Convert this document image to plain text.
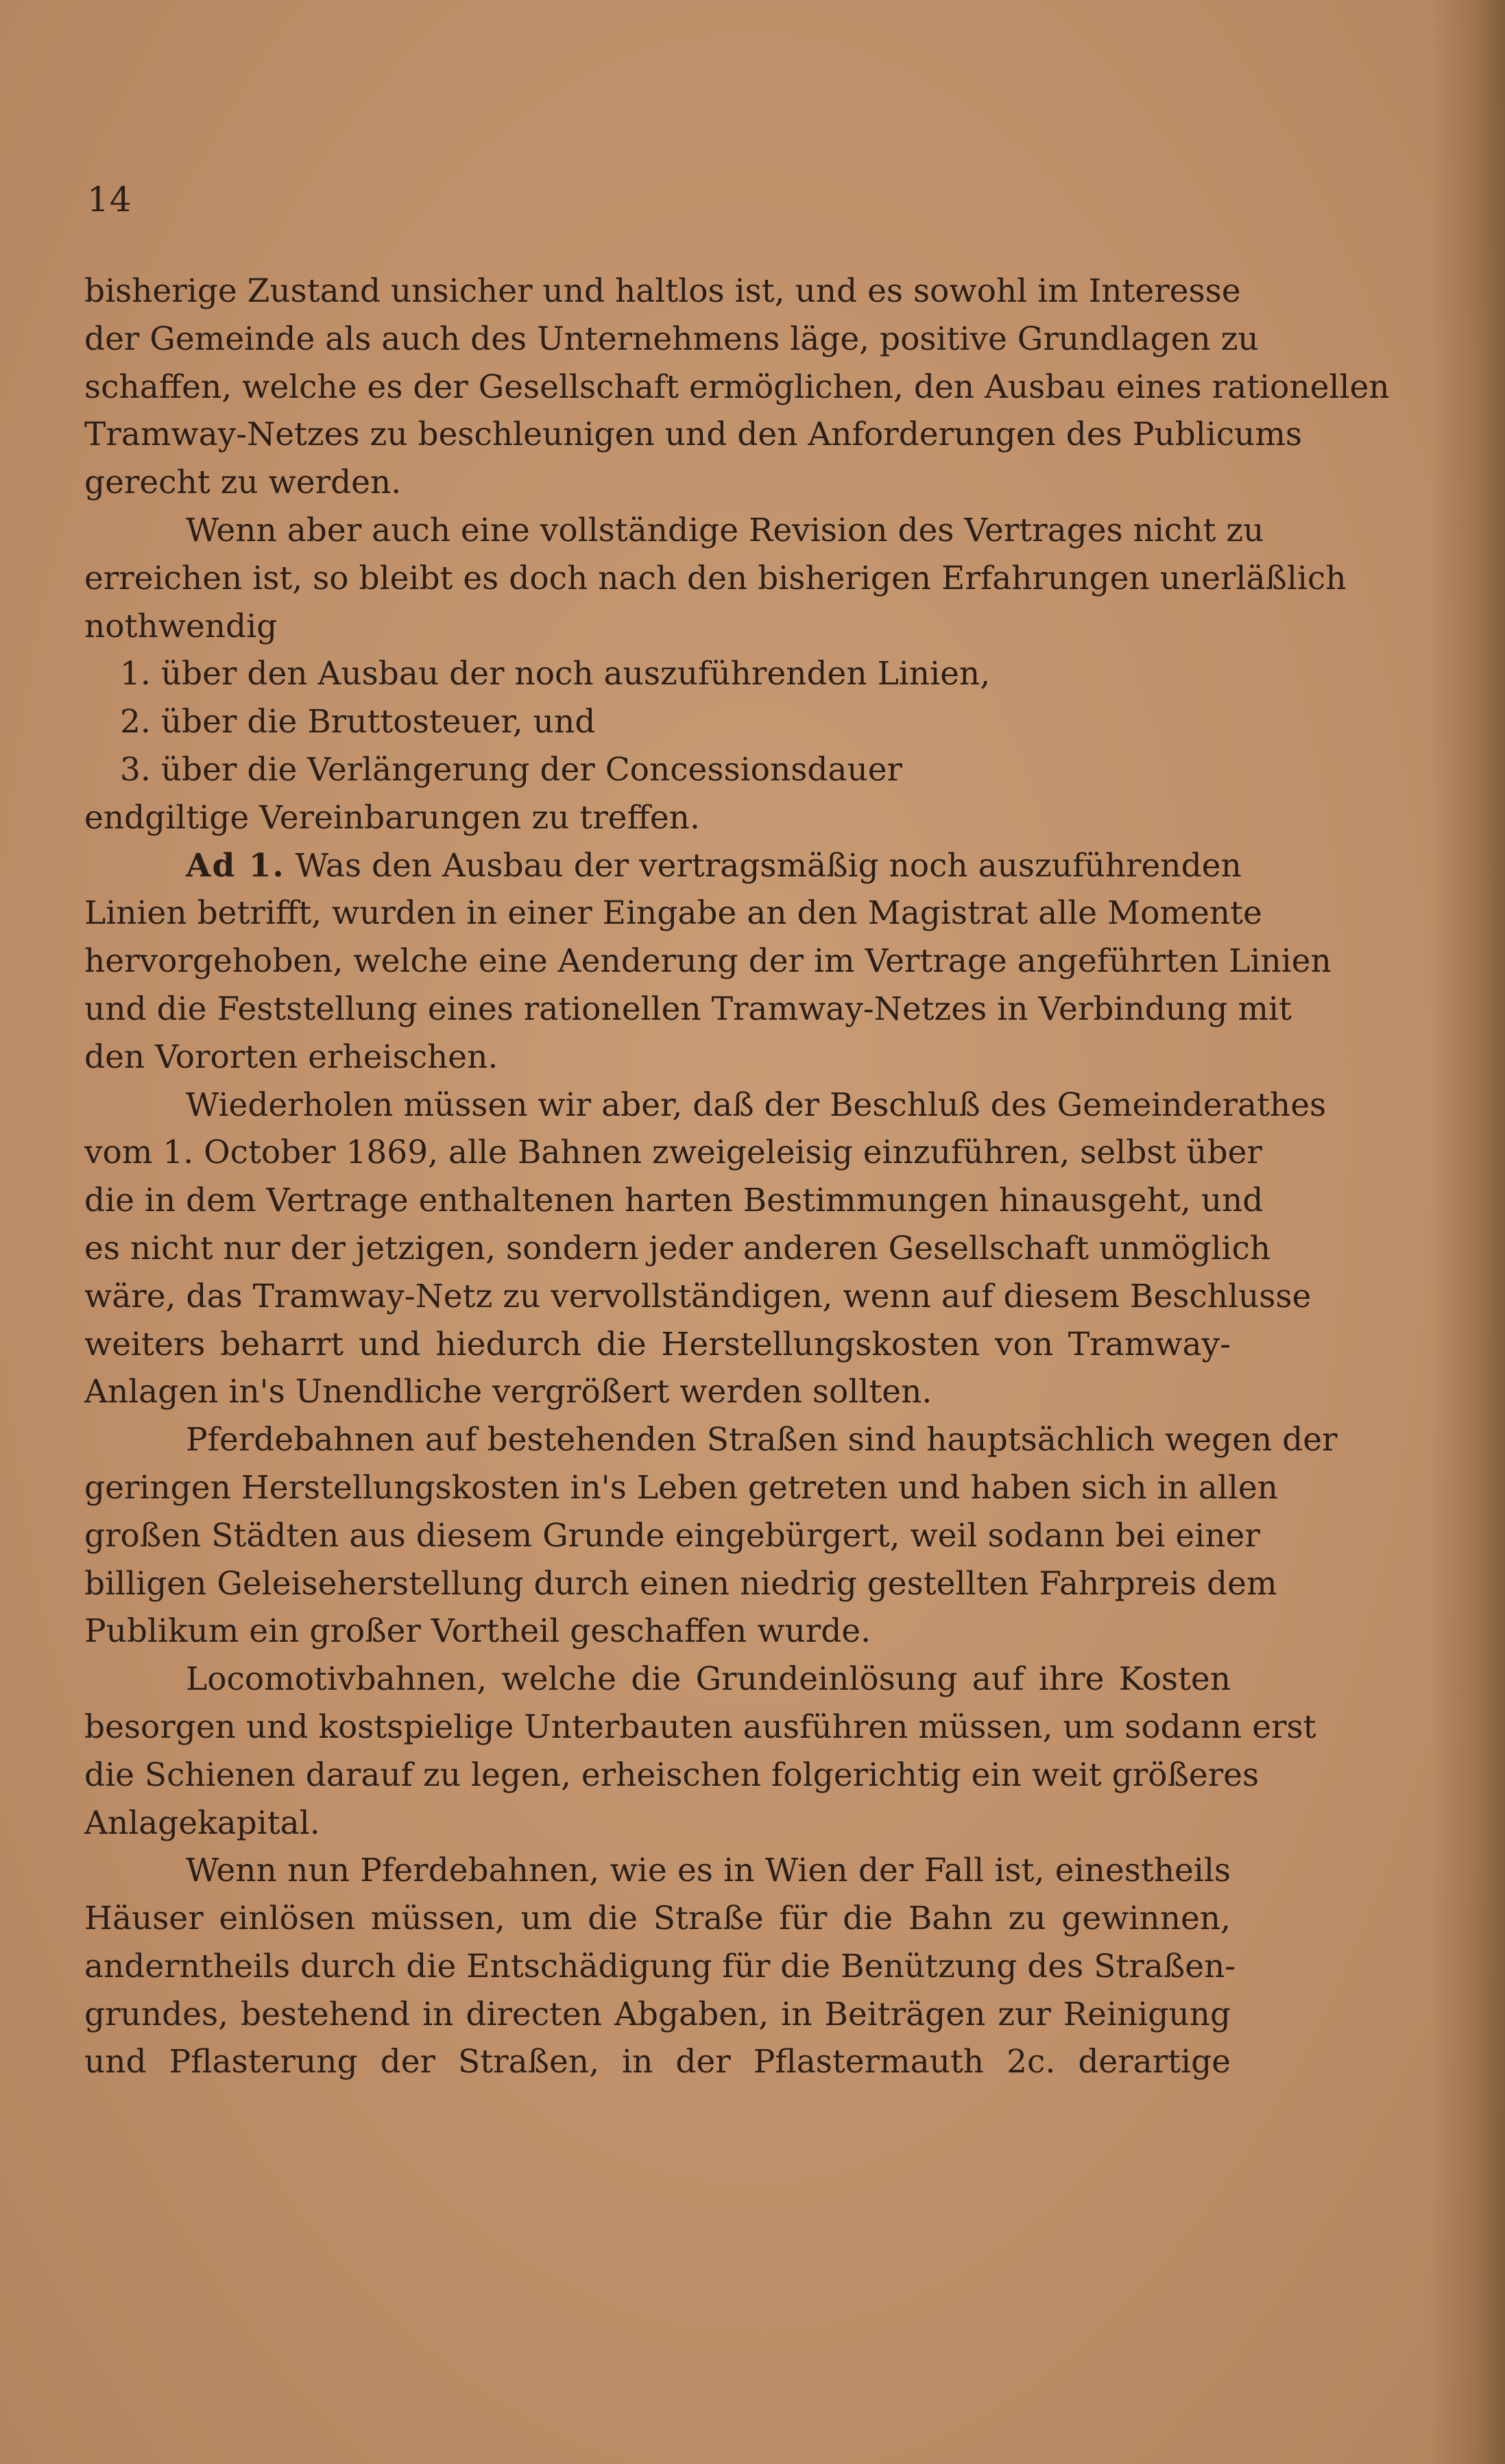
14
bisherige Zustand unsicher und haltlos ist, und es sowohl im Interesse
der Gemeinde als auch des Unternehmens läge, positive Grundlagen zu
schaffen, welche es der Gesellschaft ermöglichen, den Ausbau eines rationellen
Tramway-Netzes zu beschleunigen und den Anforderungen des Publicums
gerecht zu werden.
Wenn aber auch eine vollständige Revision des Vertrages nicht zu
erreichen ist, so bleibt es doch nach den bisherigen Erfahrungen unerläßlich
nothwendig
1. über den Ausbau der noch auszuführenden Linien,
2. über die Bruttosteuer, und
3. über die Verlängerung der Concessionsdauer
endgiltige Vereinbarungen zu treffen.
Ad 1. Was den Ausbau der vertragsmäßig noch auszuführenden
Linien betrifft, wurden in einer Eingabe an den Magistrat alle Momente
hervorgehoben, welche eine Aenderung der im Vertrage angeführten Linien
und die Feststellung eines rationellen Tramway-Netzes in Verbindung mit
den Vororten erheischen.
Wiederholen müssen wir aber, daß der Beschluß des Gemeinderathes
vom 1. October 1869, alle Bahnen zweigeleisig einzuführen, selbst über
die in dem Vertrage enthaltenen harten Bestimmungen hinausgeht, und
es nicht nur der jetzigen, sondern jeder anderen Gesellschaft unmöglich
wäre, das Tramway-Netz zu vervollständigen, wenn auf diesem Beschlusse
weiters beharrt und hiedurch die Herstellungskosten von Tramway-
Anlagen in's Unendliche vergrößert werden sollten.
Pferdebahnen auf bestehenden Straßen sind hauptsächlich wegen der
geringen Herstellungskosten in's Leben getreten und haben sich in allen
großen Städten aus diesem Grunde eingebürgert, weil sodann bei einer
billigen Geleiseherstellung durch einen niedrig gestellten Fahrpreis dem
Publikum ein großer Vortheil geschaffen wurde.
Locomotivbahnen, welche die Grundeinlösung auf ihre Kosten
besorgen und kostspielige Unterbauten ausführen müssen, um sodann erst
die Schienen darauf zu legen, erheischen folgerichtig ein weit größeres
Anlagekapital.
Wenn nun Pferdebahnen, wie es in Wien der Fall ist, einestheils
Häuser einlösen müssen, um die Straße für die Bahn zu gewinnen,
anderntheils durch die Entschädigung für die Benützung des Straßen-
grundes, bestehend in directen Abgaben, in Beiträgen zur Reinigung
und Pflasterung der Straßen, in der Pflastermauth 2c. derartige
